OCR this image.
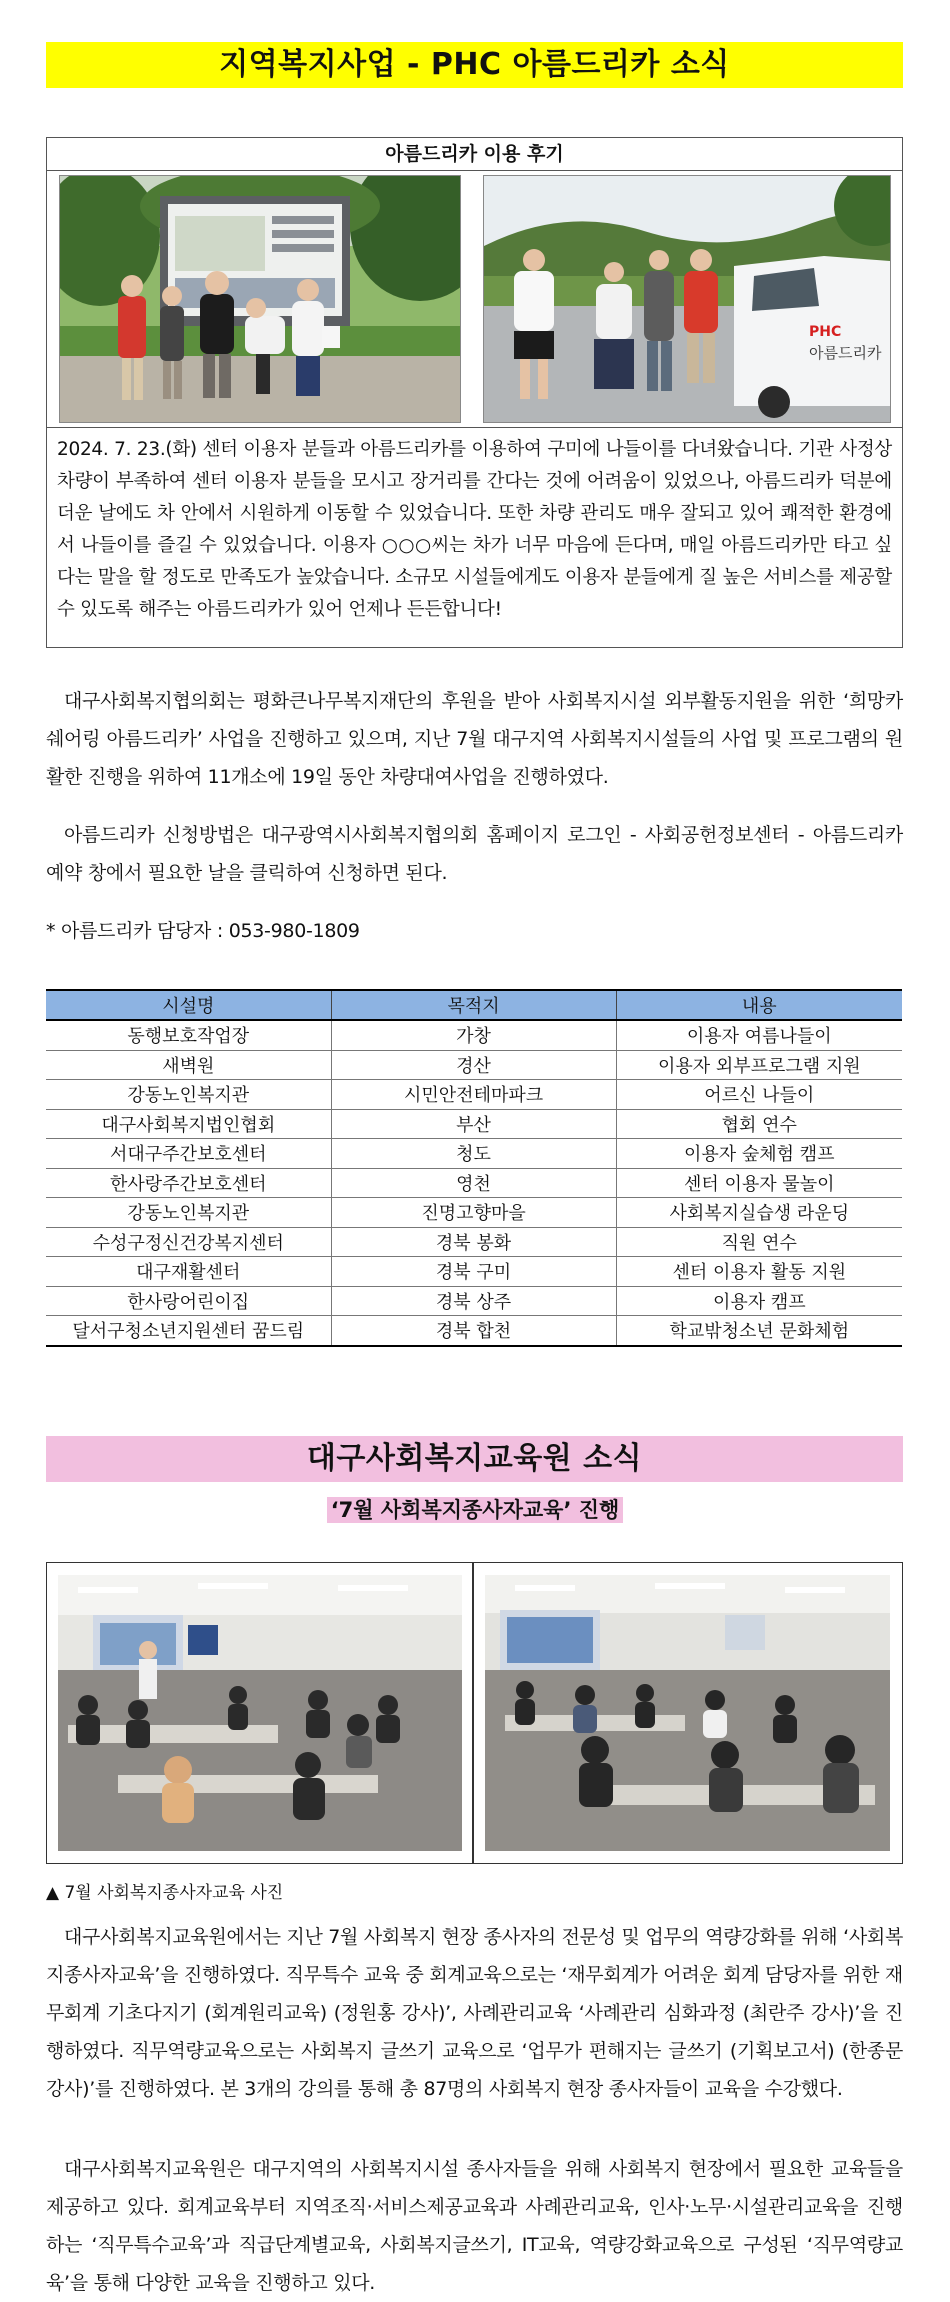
지역복지사업 - PHC 아름드리카 소식
아름드리카 이용 후기
PHC
아름드리카
2024. 7. 23.(화) 센터 이용자 분들과 아름드리카를 이용하여 구미에 나들이를 다녀왔습니다. 기관 사정상 차량이 부족하여 센터 이용자 분들을 모시고 장거리를 간다는 것에 어려움이 있었으나, 아름드리카 덕분에 더운 날에도 차 안에서 시원하게 이동할 수 있었습니다. 또한 차량 관리도 매우 잘되고 있어 쾌적한 환경에서 나들이를 즐길 수 있었습니다. 이용자 ○○○씨는 차가 너무 마음에 든다며, 매일 아름드리카만 타고 싶다는 말을 할 정도로 만족도가 높았습니다. 소규모 시설들에게도 이용자 분들에게 질 높은 서비스를 제공할 수 있도록 해주는 아름드리카가 있어 언제나 든든합니다!
대구사회복지협의회는 평화큰나무복지재단의 후원을 받아 사회복지시설 외부활동지원을 위한 ‘희망카쉐어링 아름드리카’ 사업을 진행하고 있으며, 지난 7월 대구지역 사회복지시설들의 사업 및 프로그램의 원활한 진행을 위하여 11개소에 19일 동안 차량대여사업을 진행하였다.
아름드리카 신청방법은 대구광역시사회복지협의회 홈페이지 로그인 - 사회공헌정보센터 - 아름드리카 예약 창에서 필요한 날을 클릭하여 신청하면 된다.
* 아름드리카 담당자 : 053-980-1809
시설명	목적지	내용
동행보호작업장	가창	이용자 여름나들이
새벽원	경산	이용자 외부프로그램 지원
강동노인복지관	시민안전테마파크	어르신 나들이
대구사회복지법인협회	부산	협회 연수
서대구주간보호센터	청도	이용자 숲체험 캠프
한사랑주간보호센터	영천	센터 이용자 물놀이
강동노인복지관	진명고향마을	사회복지실습생 라운딩
수성구정신건강복지센터	경북 봉화	직원 연수
대구재활센터	경북 구미	센터 이용자 활동 지원
한사랑어린이집	경북 상주	이용자 캠프
달서구청소년지원센터 꿈드림	경북 합천	학교밖청소년 문화체험
대구사회복지교육원 소식
‘7월 사회복지종사자교육’ 진행
▲ 7월 사회복지종사자교육 사진
대구사회복지교육원에서는 지난 7월 사회복지 현장 종사자의 전문성 및 업무의 역량강화를 위해 ‘사회복지종사자교육’을 진행하였다. 직무특수 교육 중 회계교육으로는 ‘재무회계가 어려운 회계 담당자를 위한 재무회계 기초다지기 (회계원리교육) (정원홍 강사)’, 사례관리교육 ‘사례관리 심화과정 (최란주 강사)’을 진행하였다. 직무역량교육으로는 사회복지 글쓰기 교육으로 ‘업무가 편해지는 글쓰기 (기획보고서) (한종문 강사)’를 진행하였다. 본 3개의 강의를 통해 총 87명의 사회복지 현장 종사자들이 교육을 수강했다.
대구사회복지교육원은 대구지역의 사회복지시설 종사자들을 위해 사회복지 현장에서 필요한 교육들을 제공하고 있다. 회계교육부터 지역조직·서비스제공교육과 사례관리교육, 인사·노무·시설관리교육을 진행하는 ‘직무특수교육’과 직급단계별교육, 사회복지글쓰기, IT교육, 역량강화교육으로 구성된 ‘직무역량교육’을 통해 다양한 교육을 진행하고 있다.
